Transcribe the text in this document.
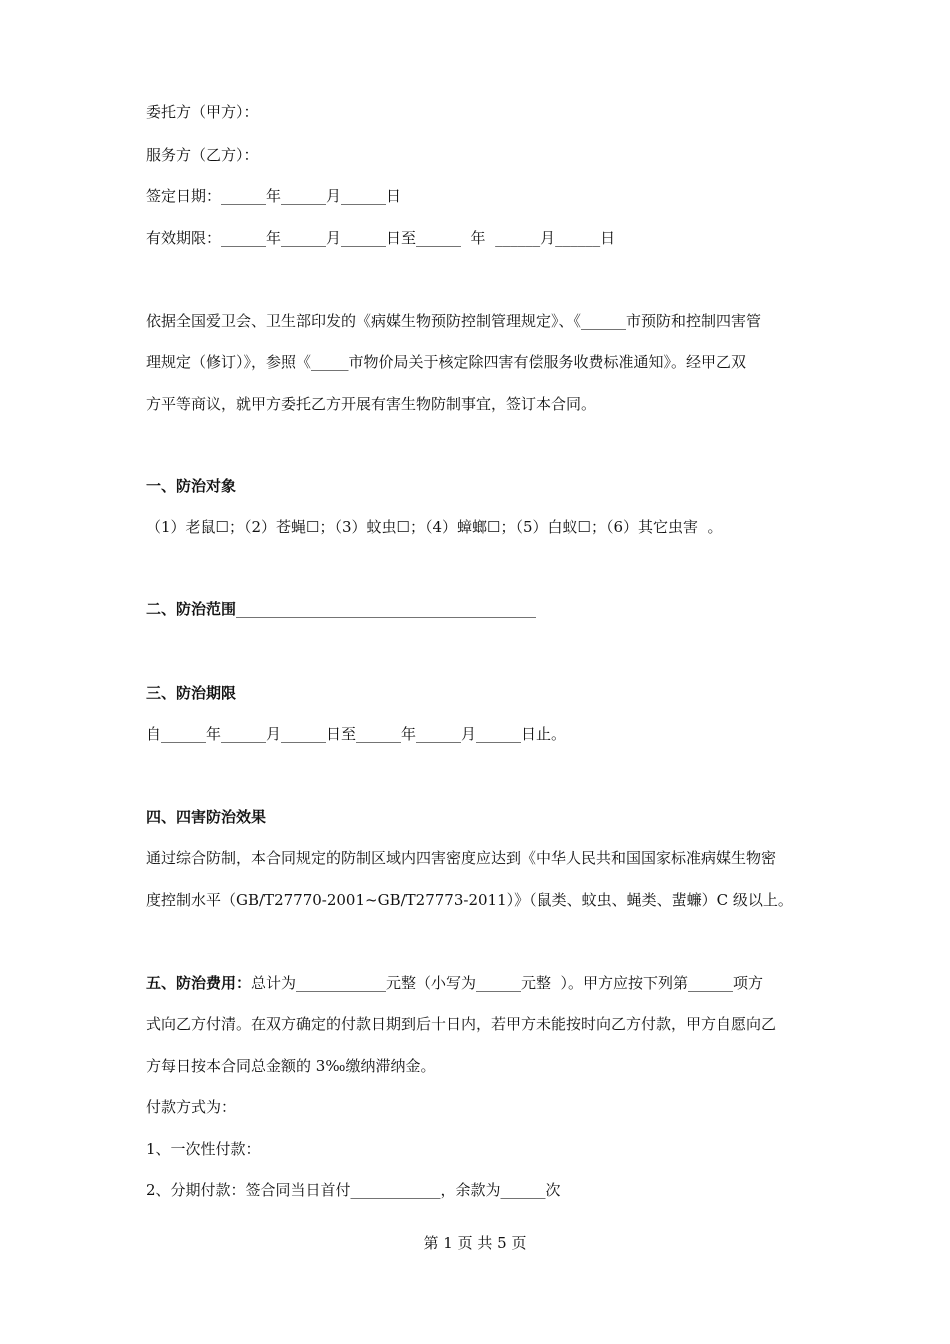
委托方（甲方）：
服务方（乙方）：
签定日期：______年______月______日
有效期限：______年______月______日至______  年  ______月______日
依据全国爱卫会、卫生部印发的《病媒生物预防控制管理规定》、《______市预防和控制四害管
理规定（修订）》，参照《_____市物价局关于核定除四害有偿服务收费标准通知》。经甲乙双
方平等商议，就甲方委托乙方开展有害生物防制事宜，签订本合同。
一、防治对象
（1）老鼠☐；（2）苍蝇☐；（3）蚊虫☐；（4）蟑螂☐；（5）白蚁☐；（6）其它虫害  。
二、防治范围________________________________________
三、防治期限
自______年______月______日至______年______月______日止。
四、四害防治效果
通过综合防制，本合同规定的防制区域内四害密度应达到《中华人民共和国国家标准病媒生物密
度控制水平（GB/T27770-2001~GB/T27773-2011）》（鼠类、蚊虫、蝇类、蜚蠊）C 级以上。
五、防治费用：总计为____________元整（小写为______元整  ）。甲方应按下列第______项方
式向乙方付清。在双方确定的付款日期到后十日内，若甲方未能按时向乙方付款，甲方自愿向乙
方每日按本合同总金额的 3‰缴纳滞纳金。
付款方式为：
1、一次性付款：
2、分期付款：签合同当日首付____________，余款为______次
第 1 页 共 5 页
